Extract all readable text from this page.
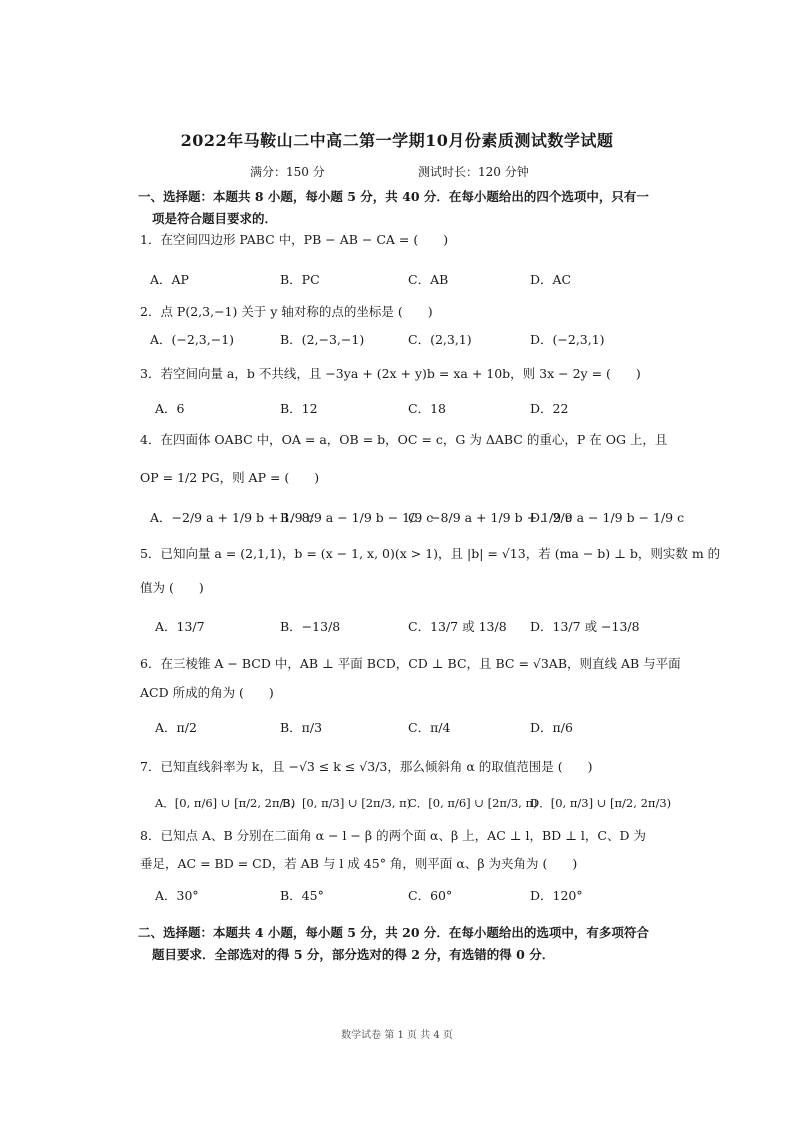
2022年马鞍山二中高二第一学期10月份素质测试数学试题
满分：150 分	测试时长：120 分钟
一、选择题：本题共 8 小题，每小题 5 分，共 40 分．在每小题给出的四个选项中，只有一
项是符合题目要求的．
1．在空间四边形 PABC 中，PB − AB − CA = (　　)
A．AP	B．PC	C．AB	D．AC
2．点 P(2,3,−1) 关于 y 轴对称的点的坐标是 (　　)
A．(−2,3,−1)	B．(2,−3,−1)	C．(2,3,1)	D．(−2,3,1)
3．若空间向量 a，b 不共线，且 −3ya + (2x + y)b = xa + 10b，则 3x − 2y = (　　)
A．6	B．12	C．18	D．22
4．在四面体 OABC 中，OA = a，OB = b，OC = c，G 为 ΔABC 的重心，P 在 OG 上，且
OP = 1/2 PG，则 AP = (　　)
A．−2/9 a + 1/9 b + 1/9 c
B．8/9 a − 1/9 b − 1/9 c
C．−8/9 a + 1/9 b + 1/9 c
D．2/9 a − 1/9 b − 1/9 c
5．已知向量 a = (2,1,1)，b = (x − 1, x, 0)(x > 1)，且 |b| = √13，若 (ma − b) ⊥ b，则实数 m 的
值为 (　　)
A．13/7	B．−13/8	C．13/7 或 13/8 D．13/7 或 −13/8
6．在三棱锥 A − BCD 中，AB ⊥ 平面 BCD，CD ⊥ BC，且 BC = √3AB，则直线 AB 与平面
ACD 所成的角为 (　　)
A．π/2	B．π/3	C．π/4	D．π/6
7．已知直线斜率为 k，且 −√3 ≤ k ≤ √3/3，那么倾斜角 α 的取值范围是 (　　)
A．[0, π/6] ∪ [π/2, 2π/3)
B．[0, π/3] ∪ [2π/3, π)
C．[0, π/6] ∪ [2π/3, π)
D．[0, π/3] ∪ [π/2, 2π/3)
8．已知点 A、B 分别在二面角 α − l − β 的两个面 α、β 上，AC ⊥ l，BD ⊥ l，C、D 为
垂足，AC = BD = CD，若 AB 与 l 成 45° 角，则平面 α、β 为夹角为 (　　)
A．30°	B．45°	C．60°	D．120°
二、选择题：本题共 4 小题，每小题 5 分，共 20 分．在每小题给出的选项中，有多项符合
题目要求．全部选对的得 5 分，部分选对的得 2 分，有选错的得 0 分．
数学试卷 第 1 页 共 4 页
